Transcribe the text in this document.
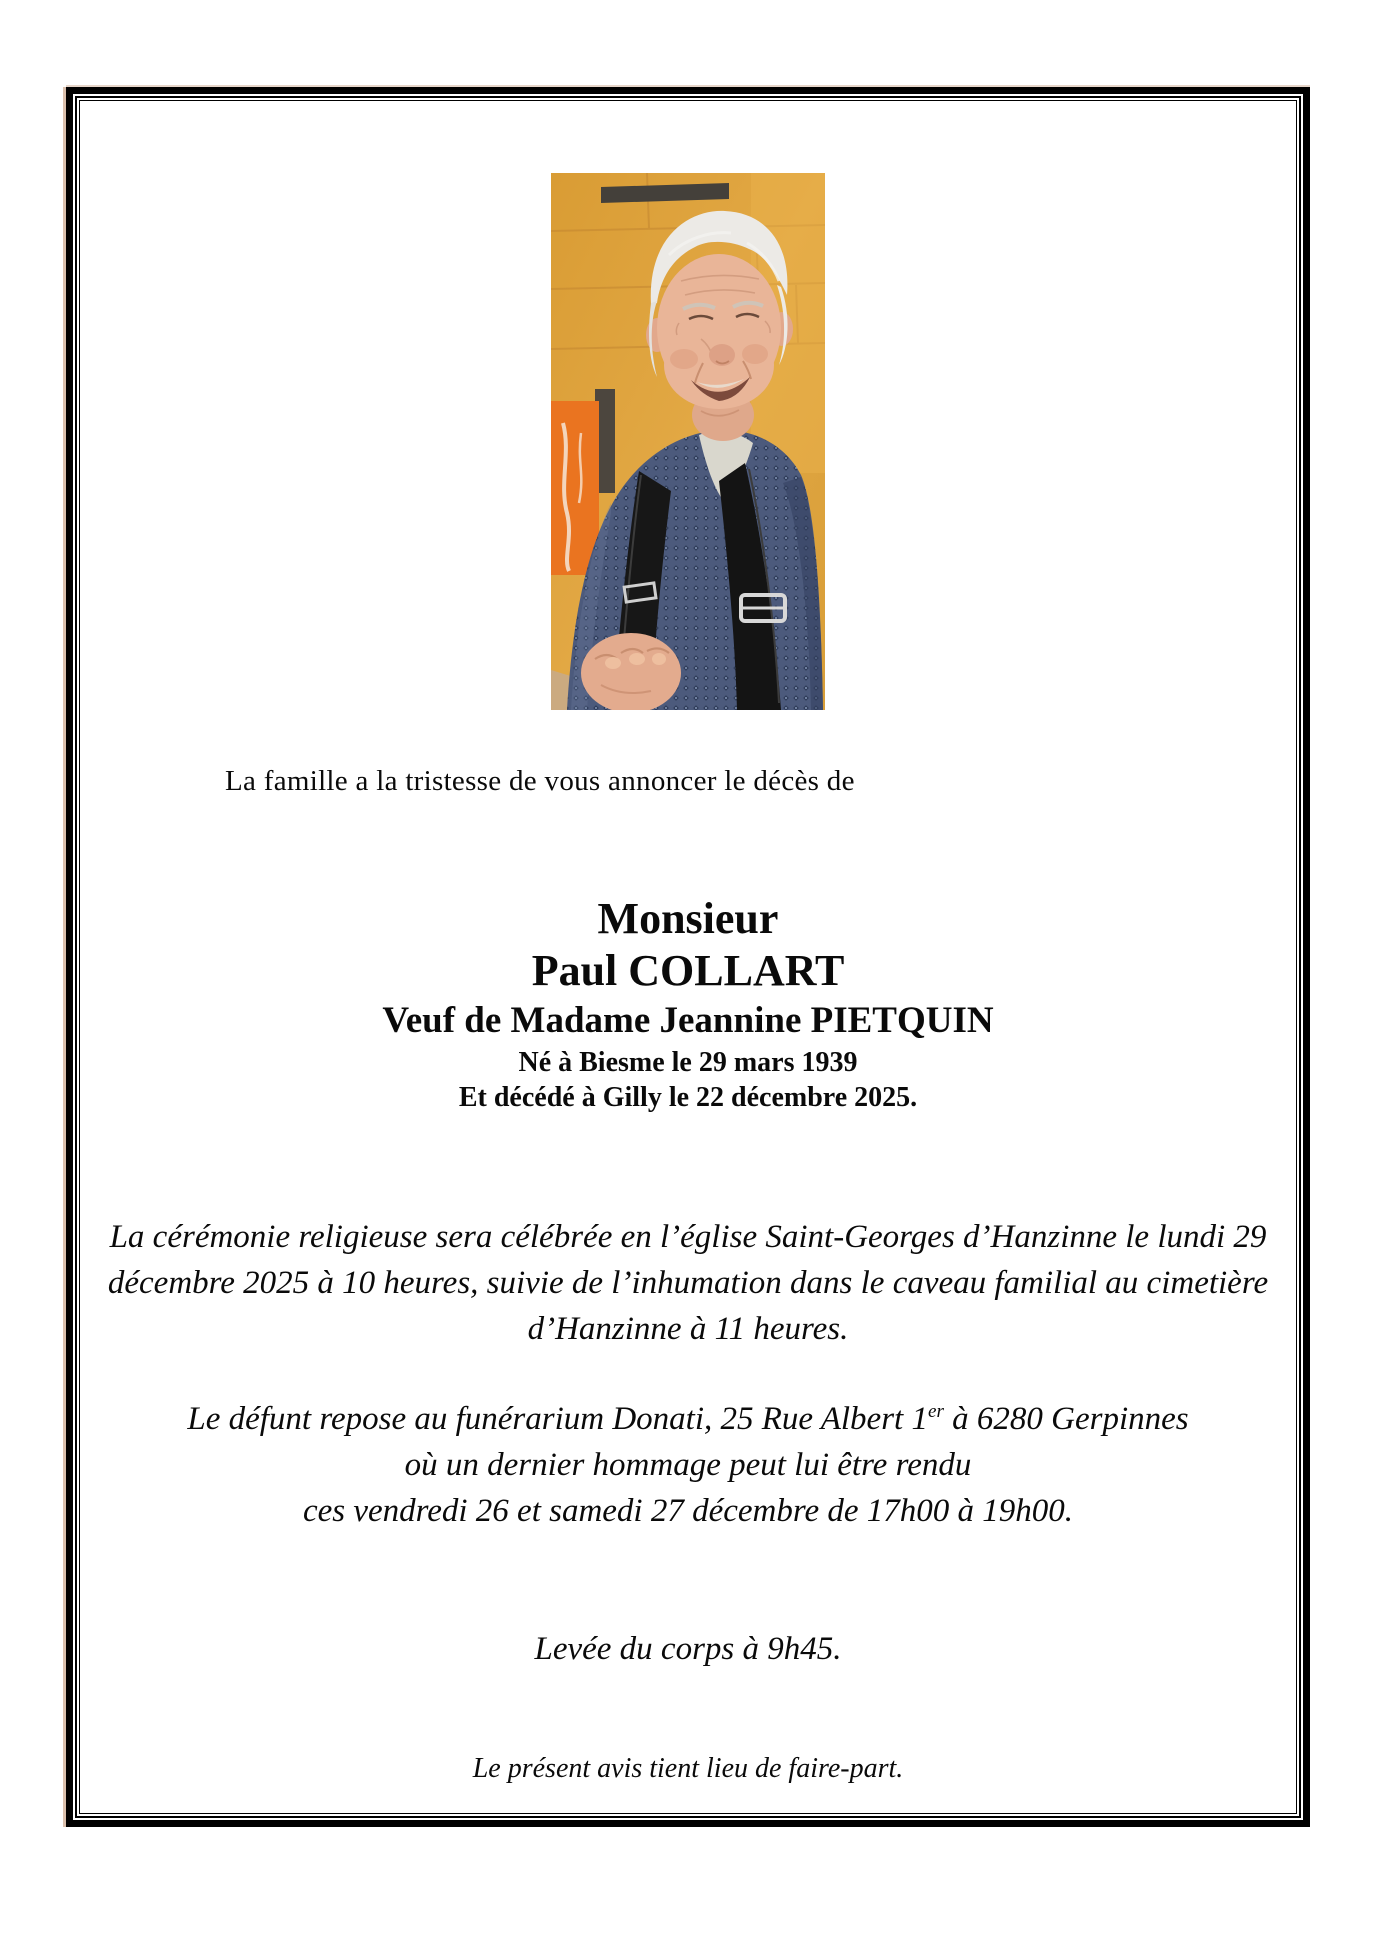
La famille a la tristesse de vous annoncer le décès de
Monsieur
Paul COLLART
Veuf de Madame Jeannine PIETQUIN
Né à Biesme le 29 mars 1939
Et décédé à Gilly le 22 décembre 2025.
La cérémonie religieuse sera célébrée en l’église Saint-Georges d’Hanzinne le lundi 29
décembre 2025 à 10 heures, suivie de l’inhumation dans le caveau familial au cimetière
d’Hanzinne à 11 heures.
Le défunt repose au funérarium Donati, 25 Rue Albert 1er à 6280 Gerpinnes
où un dernier hommage peut lui être rendu
ces vendredi 26 et samedi 27 décembre de 17h00 à 19h00.
Levée du corps à 9h45.
Le présent avis tient lieu de faire-part.
